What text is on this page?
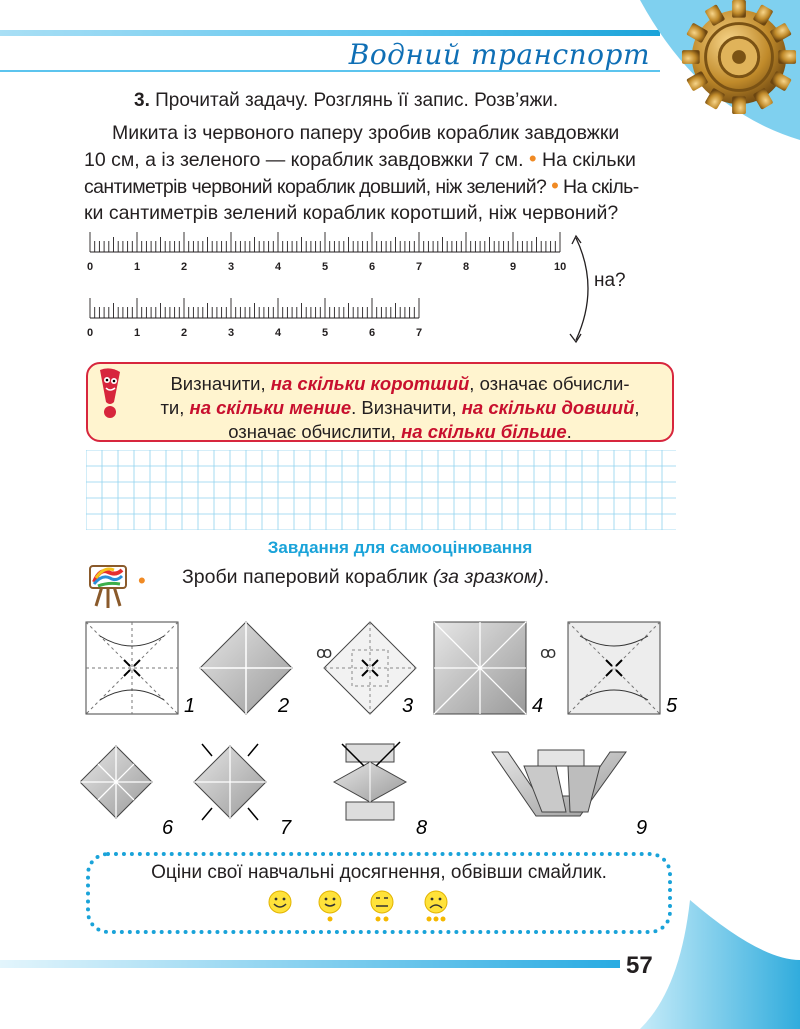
Водний транспорт
3. Прочитай задачу. Розглянь її запис. Розв’яжи.

Микита із червоного паперу зробив кораблик завдовжки

10 см, а із зеленого — кораблик завдовжки 7 см. • На скільки
сантиметрів червоний кораблик довший, ніж зелений? • На скіль-
ки сантиметрів зелений кораблик коротший, ніж червоний?
0	1	2	3	4	5	6	7	8	9	10
0	1	2	3	4	5	6	7
на?
Визначити, на скільки коротший, означає обчисли-
ти, на скільки менше. Визначити, на скільки довший,
означає обчислити, на скільки більше.
Завдання для самооцінювання
• Зроби паперовий кораблик (за зразком).
ꝏ	ꝏ
1	2	3	4	5
6	7	8	9
Оціни свої навчальні досягнення, обвівши смайлик.
57
